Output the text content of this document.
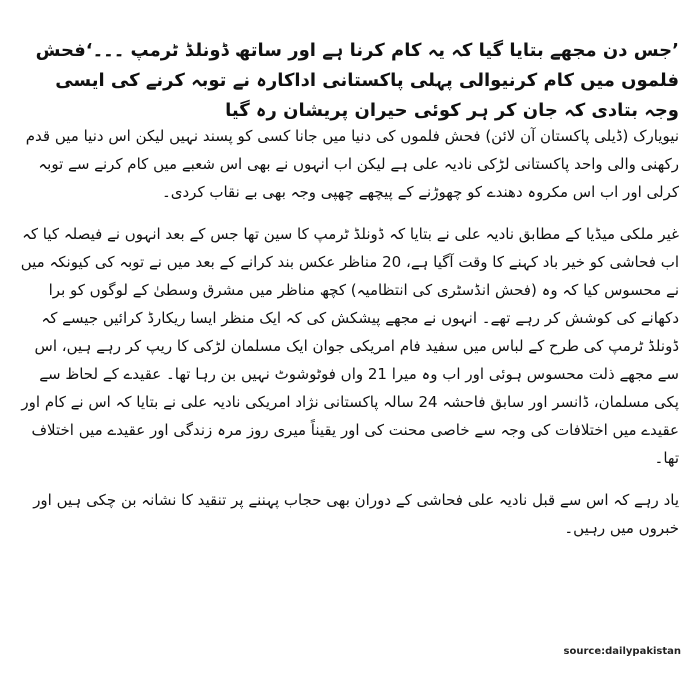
’جس دن مجھے بتایا گیا کہ یہ کام کرنا ہے اور ساتھ ڈونلڈ ٹرمپ ۔۔۔‘فحش فلموں میں کام کرنیوالی پہلی پاکستانی اداکارہ نے توبہ کرنے کی ایسی وجہ بتادی کہ جان کر ہر کوئی حیران پریشان رہ گیا

نیویارک (ڈیلی پاکستان آن لائن) فحش فلموں کی دنیا میں جانا کسی کو پسند نہیں لیکن اس دنیا میں قدم رکھنی والی واحد پاکستانی لڑکی نادیہ علی ہے لیکن اب انہوں نے بھی اس شعبے میں کام کرنے سے توبہ کرلی اور اب اس مکروہ دھندے کو چھوڑنے کے پیچھے چھپی وجہ بھی بے نقاب کردی۔

غیر ملکی میڈیا کے مطابق نادیہ علی نے بتایا کہ ڈونلڈ ٹرمپ کا سین تھا جس کے بعد انہوں نے فیصلہ کیا کہ اب فحاشی کو خیر باد کہنے کا وقت آگیا ہے، 20 مناظر عکس بند کرانے کے بعد میں نے توبہ کی کیونکہ میں نے محسوس کیا کہ وہ (فحش انڈسٹری کی انتظامیہ) کچھ مناظر میں مشرق وسطیٰ کے لوگوں کو برا دکھانے کی کوشش کر رہے تھے۔ انہوں نے مجھے پیشکش کی کہ ایک منظر ایسا ریکارڈ کرائیں جیسے کہ ڈونلڈ ٹرمپ کی طرح کے لباس میں سفید فام امریکی جوان ایک مسلمان لڑکی کا ریپ کر رہے ہیں، اس سے مجھے ذلت محسوس ہوئی اور اب وہ میرا 21 واں فوٹوشوٹ نہیں بن رہا تھا۔ عقیدے کے لحاظ سے پکی مسلمان، ڈانسر اور سابق فاحشہ 24 سالہ پاکستانی نژاد امریکی نادیہ علی نے بتایا کہ اس نے کام اور عقیدے میں اختلافات کی وجہ سے خاصی محنت کی اور یقیناً میری روز مرہ زندگی اور عقیدے میں اختلاف تھا۔

یاد رہے کہ اس سے قبل نادیہ علی فحاشی کے دوران بھی حجاب پہننے پر تنقید کا نشانہ بن چکی ہیں اور خبروں میں رہیں۔

source:dailypakistan
